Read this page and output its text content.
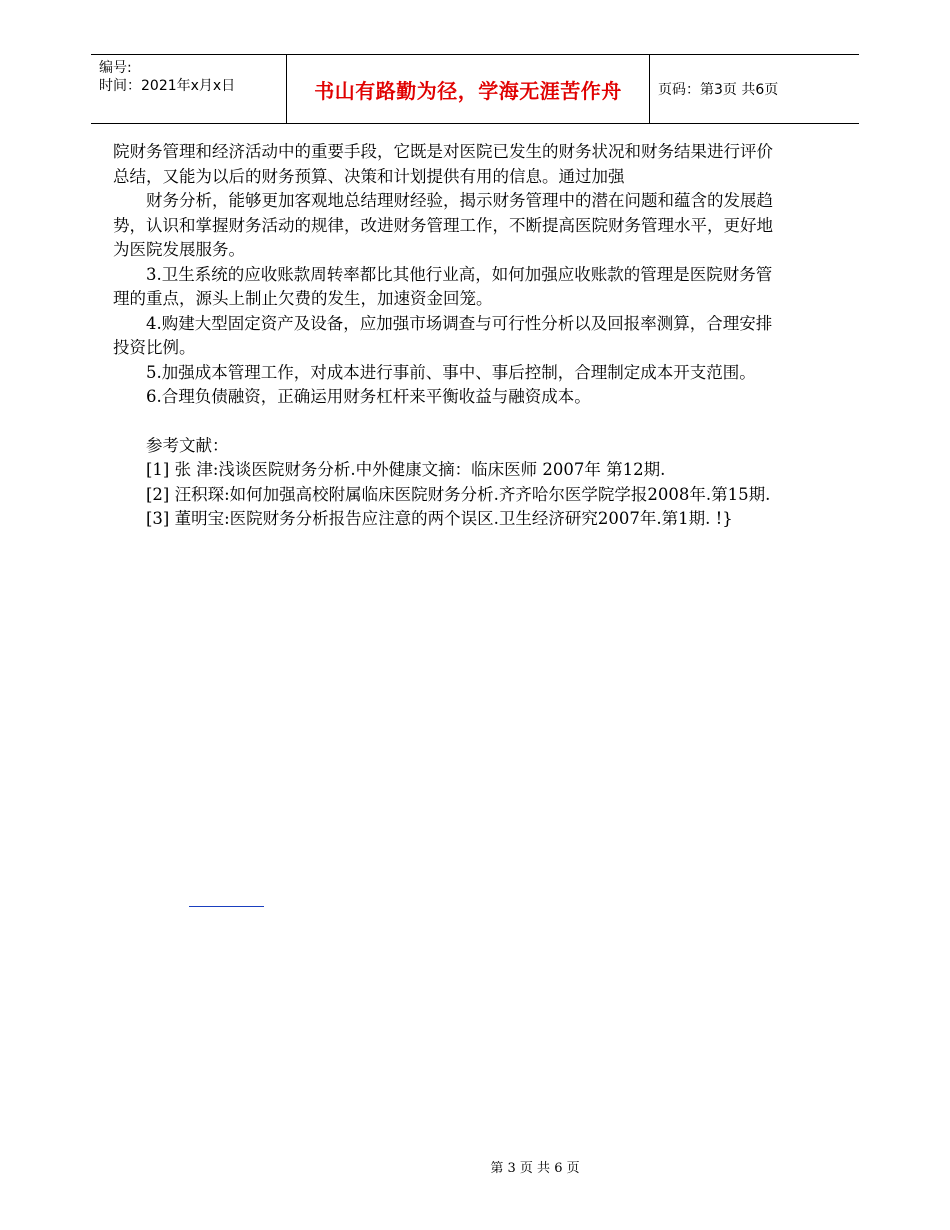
编号:
时间：2021年x月x日	书山有路勤为径，学海无涯苦作舟	页码：第3页 共6页

院财务管理和经济活动中的重要手段，它既是对医院已发生的财务状况和财务结果进行评价总结，又能为以后的财务预算、决策和计划提供有用的信息。通过加强

财务分析，能够更加客观地总结理财经验，揭示财务管理中的潜在问题和蕴含的发展趋势，认识和掌握财务活动的规律，改进财务管理工作，不断提高医院财务管理水平，更好地为医院发展服务。

3.卫生系统的应收账款周转率都比其他行业高，如何加强应收账款的管理是医院财务管理的重点，源头上制止欠费的发生，加速资金回笼。

4.购建大型固定资产及设备，应加强市场调查与可行性分析以及回报率测算，合理安排投资比例。

5.加强成本管理工作，对成本进行事前、事中、事后控制，合理制定成本开支范围。

6.合理负债融资，正确运用财务杠杆来平衡收益与融资成本。

参考文献：

[1] 张 津:浅谈医院财务分析.中外健康文摘：临床医师 2007年 第12期.

[2] 汪积琛:如何加强高校附属临床医院财务分析.齐齐哈尔医学院学报2008年.第15期.

[3] 董明宝:医院财务分析报告应注意的两个误区.卫生经济研究2007年.第1期. !}

第 3 页 共 6 页
